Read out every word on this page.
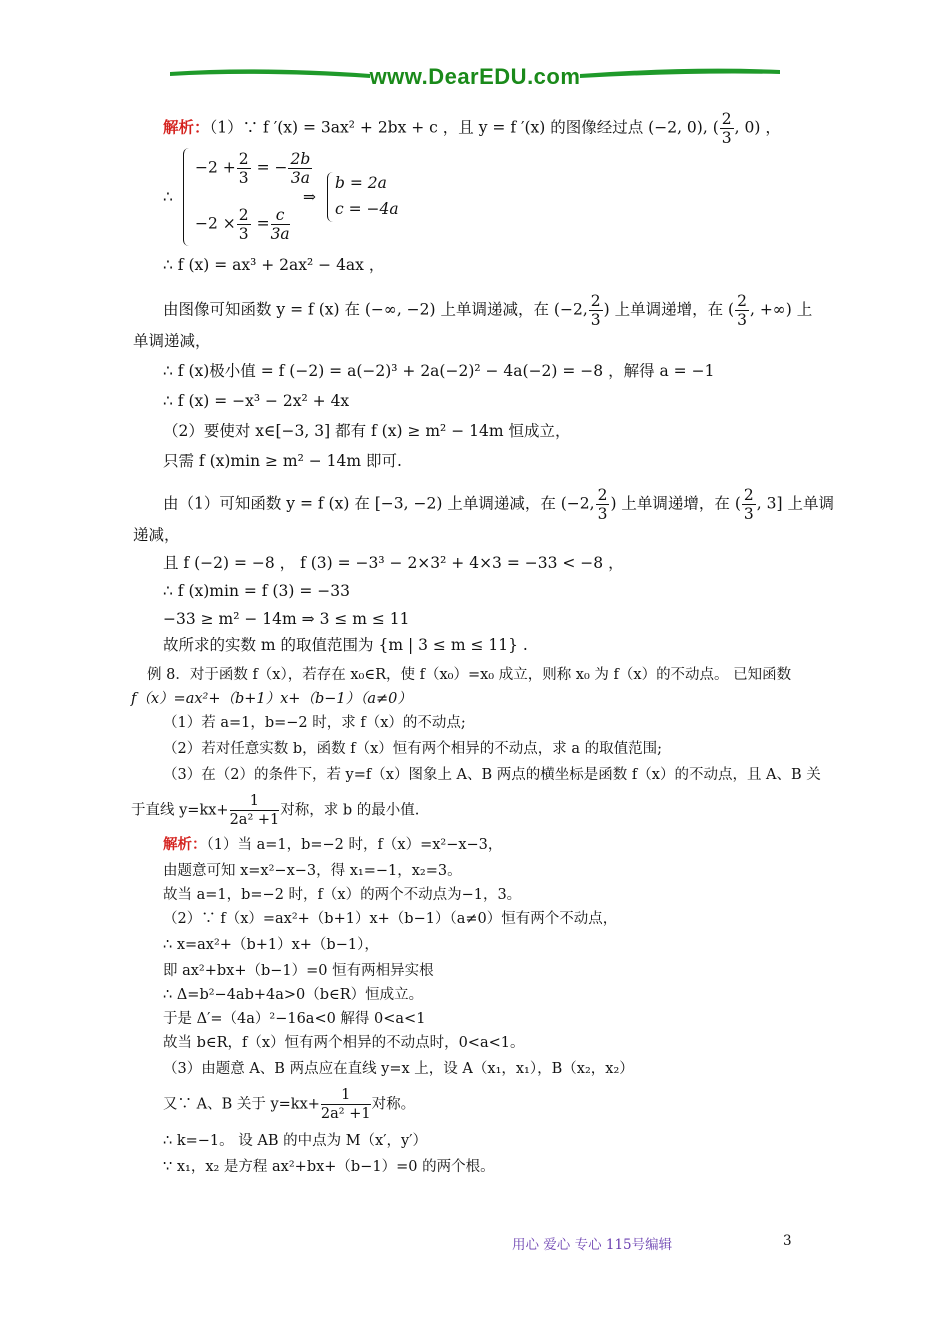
www.DearEDU.com
解析：（1）∵ f ′(x) = 3ax² + 2bx + c ，且 y = f ′(x) 的图像经过点 (−2, 0), ( $\frac{2}{3}$ , 0) ，
∴
$-2 + \frac{2}{3}$ = − $\frac{2b}{3a}$
$-2 \times \frac{2}{3} = \frac{c}{3a}$
⇒
b = 2a
c = −4a
∴ f (x) = ax³ + 2ax² − 4ax ，
由图像可知函数 y = f (x) 在 (−∞, −2) 上单调递减，在 (−2, $\frac{2}{3}$ ) 上单调递增，在 ( $\frac{2}{3}$ , +∞) 上
单调递减，
∴ f (x)极小值 = f (−2) = a(−2)³ + 2a(−2)² − 4a(−2) = −8 ，解得 a = −1
∴ f (x) = −x³ − 2x² + 4x
（2）要使对 x∈[−3, 3] 都有 f (x) ≥ m² − 14m 恒成立，
只需 f (x)min ≥ m² − 14m 即可.
由（1）可知函数 y = f (x) 在 [−3, −2) 上单调递减，在 (−2, $\frac{2}{3}$ ) 上单调递增，在 ( $\frac{2}{3}$ , 3] 上单调
递减，
且 f (−2) = −8 ， f (3) = −3³ − 2×3² + 4×3 = −33 < −8 ，
∴ f (x)min = f (3) = −33
−33 ≥ m² − 14m ⇒ 3 ≤ m ≤ 11
故所求的实数 m 的取值范围为 {m | 3 ≤ m ≤ 11} .
例 8．对于函数 f（x），若存在 x₀∈R，使 f（x₀）=x₀ 成立，则称 x₀ 为 f（x）的不动点。 已知函数
f（x）=ax²+（b+1）x+（b−1）（a≠0）
（1）若 a=1，b=−2 时，求 f（x）的不动点;
（2）若对任意实数 b，函数 f（x）恒有两个相异的不动点，求 a 的取值范围;
（3）在（2）的条件下，若 y=f（x）图象上 A、B 两点的横坐标是函数 f（x）的不动点，且 A、B 关
于直线 $y=kx+ \frac{1}{\text{2a² +1}}$ 对称，求 b 的最小值.
解析：（1）当 a=1，b=−2 时，f（x）=x²−x−3，
由题意可知 x=x²−x−3，得 x₁=−1，x₂=3。
故当 a=1，b=−2 时，f（x）的两个不动点为−1，3。
（2）∵ f（x）=ax²+（b+1）x+（b−1）（a≠0）恒有两个不动点，
∴ x=ax²+（b+1）x+（b−1），
即 ax²+bx+（b−1）=0 恒有两相异实根
∴ Δ=b²−4ab+4a>0（b∈R）恒成立。
于是 Δ′=（4a）²−16a<0 解得 0<a<1
故当 b∈R，f（x）恒有两个相异的不动点时，0<a<1。
（3）由题意 A、B 两点应在直线 y=x 上，设 A（x₁，x₁），B（x₂，x₂）
又∵ A、B 关于 $y=kx+ \frac{1}{\text{2a² +1}}$ 对称。
∴ k=−1。 设 AB 的中点为 M（x′，y′）
∵ x₁，x₂ 是方程 ax²+bx+（b−1）=0 的两个根。
用心 爱心 专心 115号编辑	3
